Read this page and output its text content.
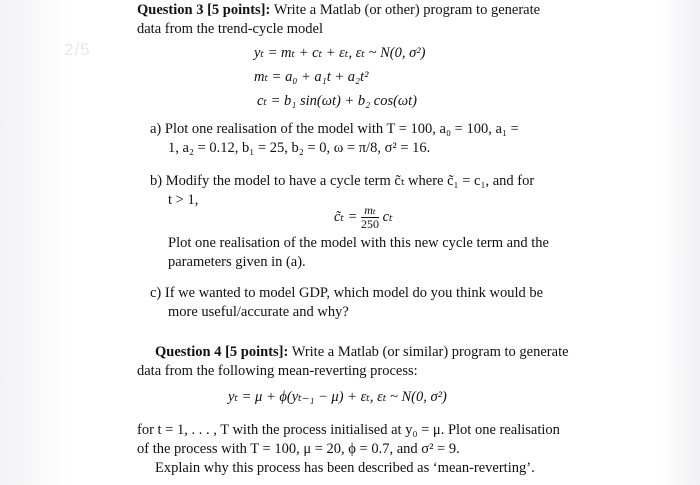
2/5
Question 3 [5 points]: Write a Matlab (or other) program to generate
data from the trend-cycle model
yₜ = mₜ + cₜ + εₜ, εₜ ~ N(0, σ²)
mₜ = a₀ + a₁t + a₂t²
cₜ = b₁ sin(ωt) + b₂ cos(ωt)
a) Plot one realisation of the model with T = 100, a₀ = 100, a₁ =
1, a₂ = 0.12, b₁ = 25, b₂ = 0, ω = π/8, σ² = 16.
b) Modify the model to have a cycle term c̃ₜ where c̃₁ = c₁, and for
t > 1,
c̃ₜ = $\frac{\text{mₜ}}{250}$ cₜ
Plot one realisation of the model with this new cycle term and the
parameters given in (a).
c) If we wanted to model GDP, which model do you think would be
more useful/accurate and why?
Question 4 [5 points]: Write a Matlab (or similar) program to generate
data from the following mean-reverting process:
yₜ = μ + ϕ(yₜ₋₁ − μ) + εₜ, εₜ ~ N(0, σ²)
for t = 1, . . . , T with the process initialised at y₀ = μ. Plot one realisation
of the process with T = 100, μ = 20, ϕ = 0.7, and σ² = 9.
Explain why this process has been described as ‘mean-reverting’.
